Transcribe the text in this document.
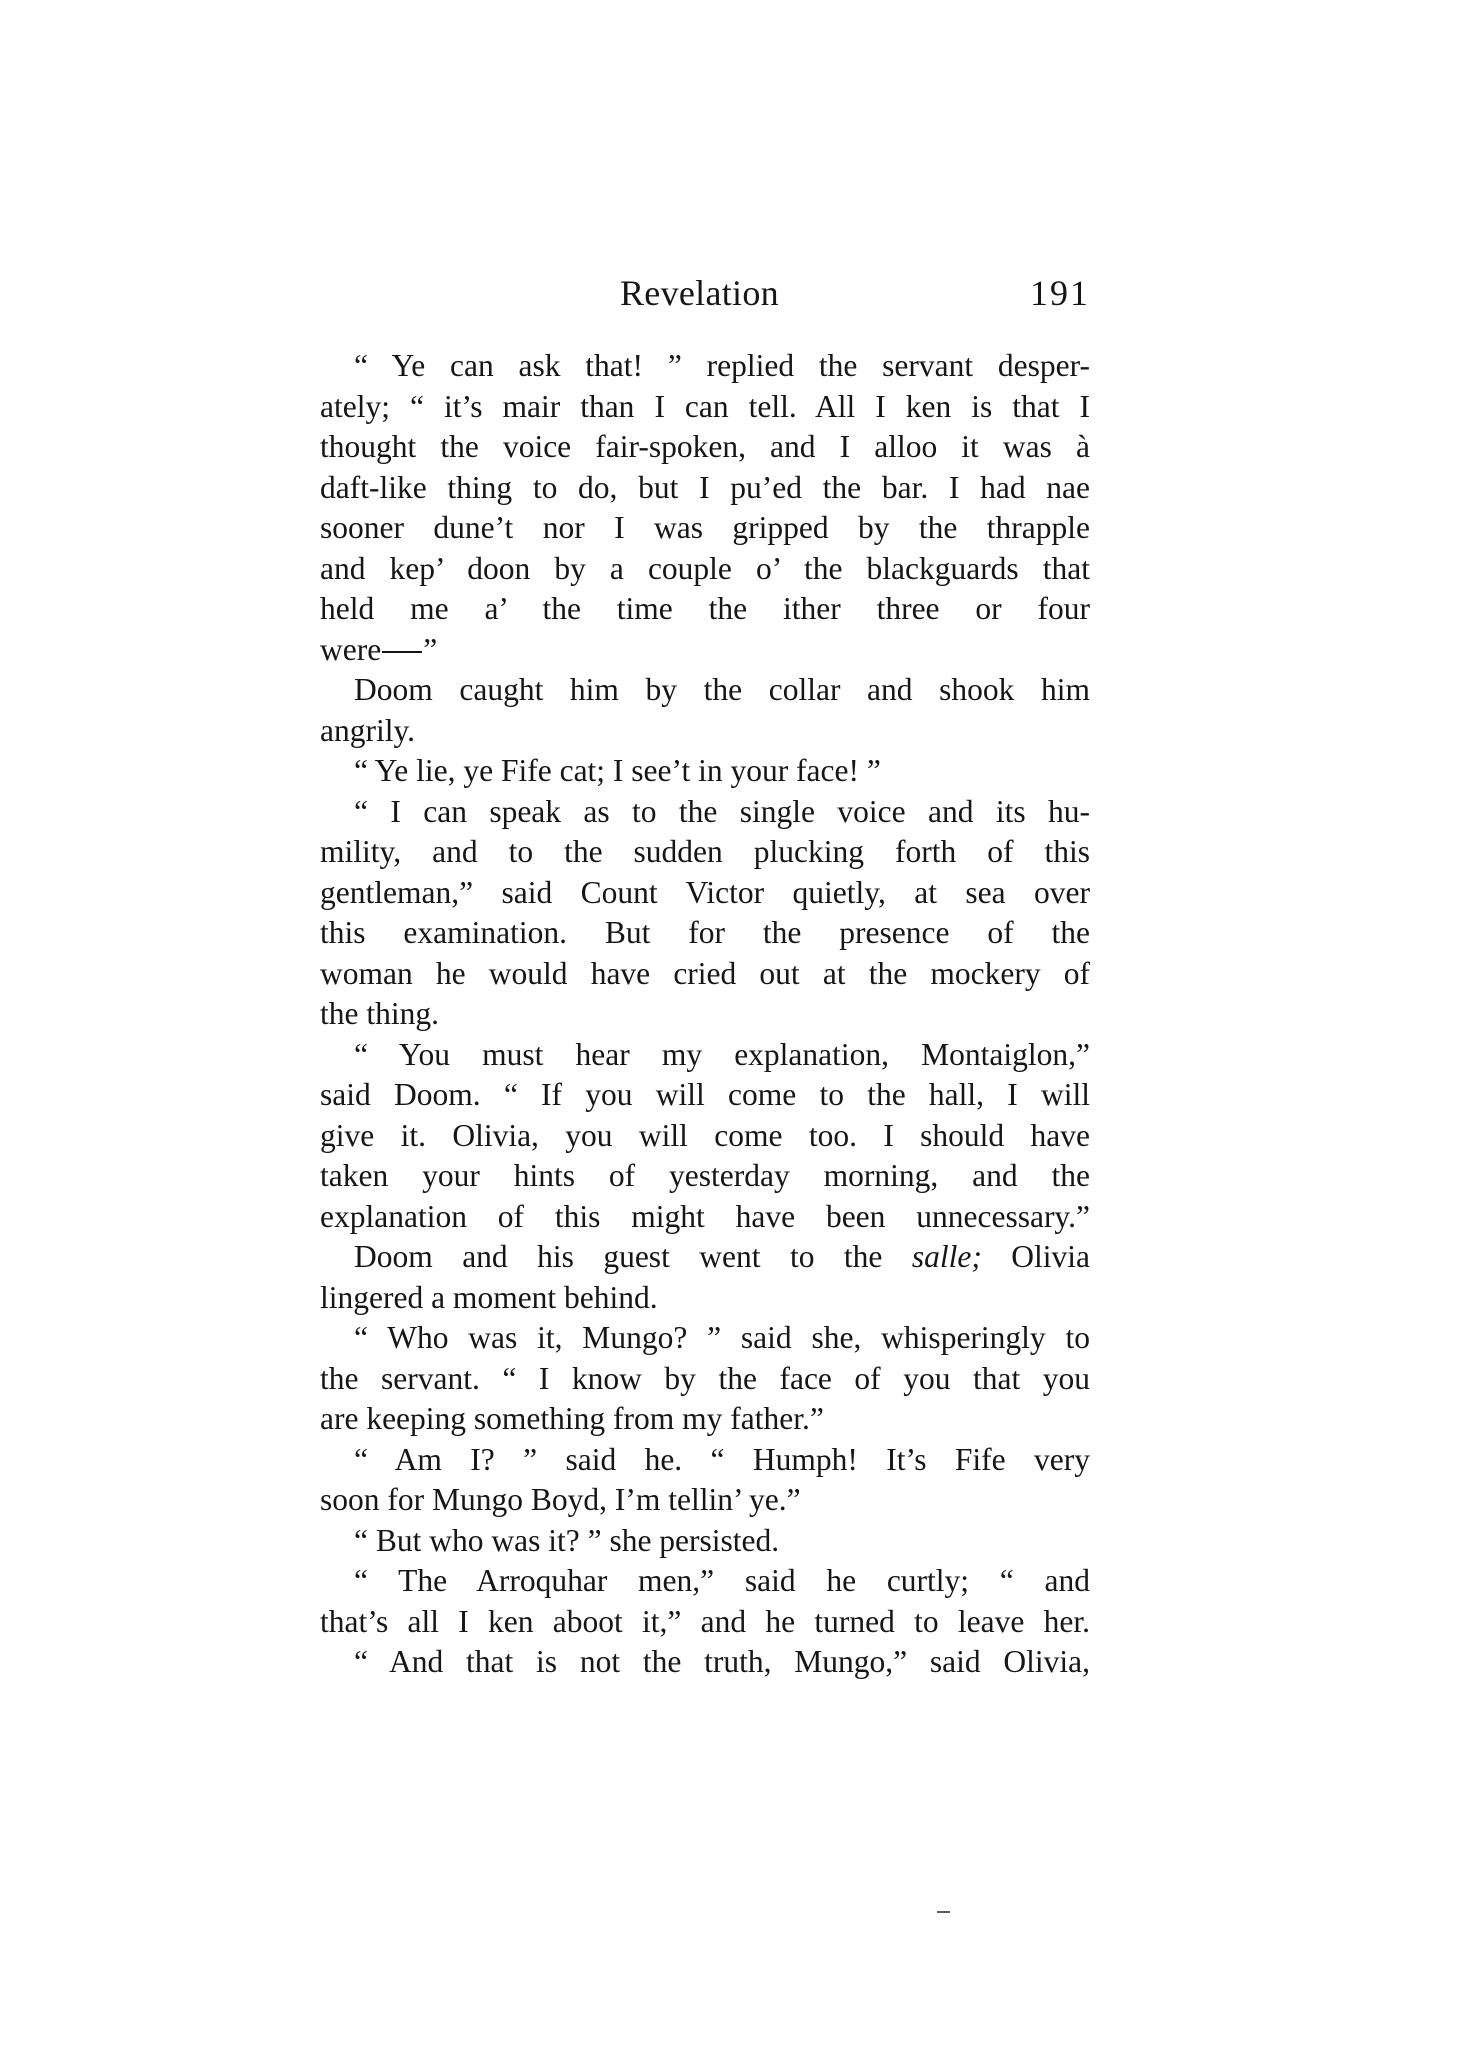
Revelation	191
“ Ye can ask that! ” replied the servant desper-
ately; “ it’s mair than I can tell. All I ken is that I
thought the voice fair-spoken, and I alloo it was à
daft-like thing to do, but I pu’ed the bar. I had nae
sooner dune’t nor I was gripped by the thrapple
and kep’ doon by a couple o’ the blackguards that
held me a’ the time the ither three or four
were ”
Doom caught him by the collar and shook him
angrily.
“ Ye lie, ye Fife cat; I see’t in your face! ”
“ I can speak as to the single voice and its hu-
mility, and to the sudden plucking forth of this
gentleman,” said Count Victor quietly, at sea over
this examination. But for the presence of the
woman he would have cried out at the mockery of
the thing.
“ You must hear my explanation, Montaiglon,”
said Doom. “ If you will come to the hall, I will
give it. Olivia, you will come too. I should have
taken your hints of yesterday morning, and the
explanation of this might have been unnecessary.”
Doom and his guest went to the salle; Olivia
lingered a moment behind.
“ Who was it, Mungo? ” said she, whisperingly to
the servant. “ I know by the face of you that you
are keeping something from my father.”
“ Am I? ” said he. “ Humph! It’s Fife very
soon for Mungo Boyd, I’m tellin’ ye.”
“ But who was it? ” she persisted.
“ The Arroquhar men,” said he curtly; “ and
that’s all I ken aboot it,” and he turned to leave her.
“ And that is not the truth, Mungo,” said Olivia,
